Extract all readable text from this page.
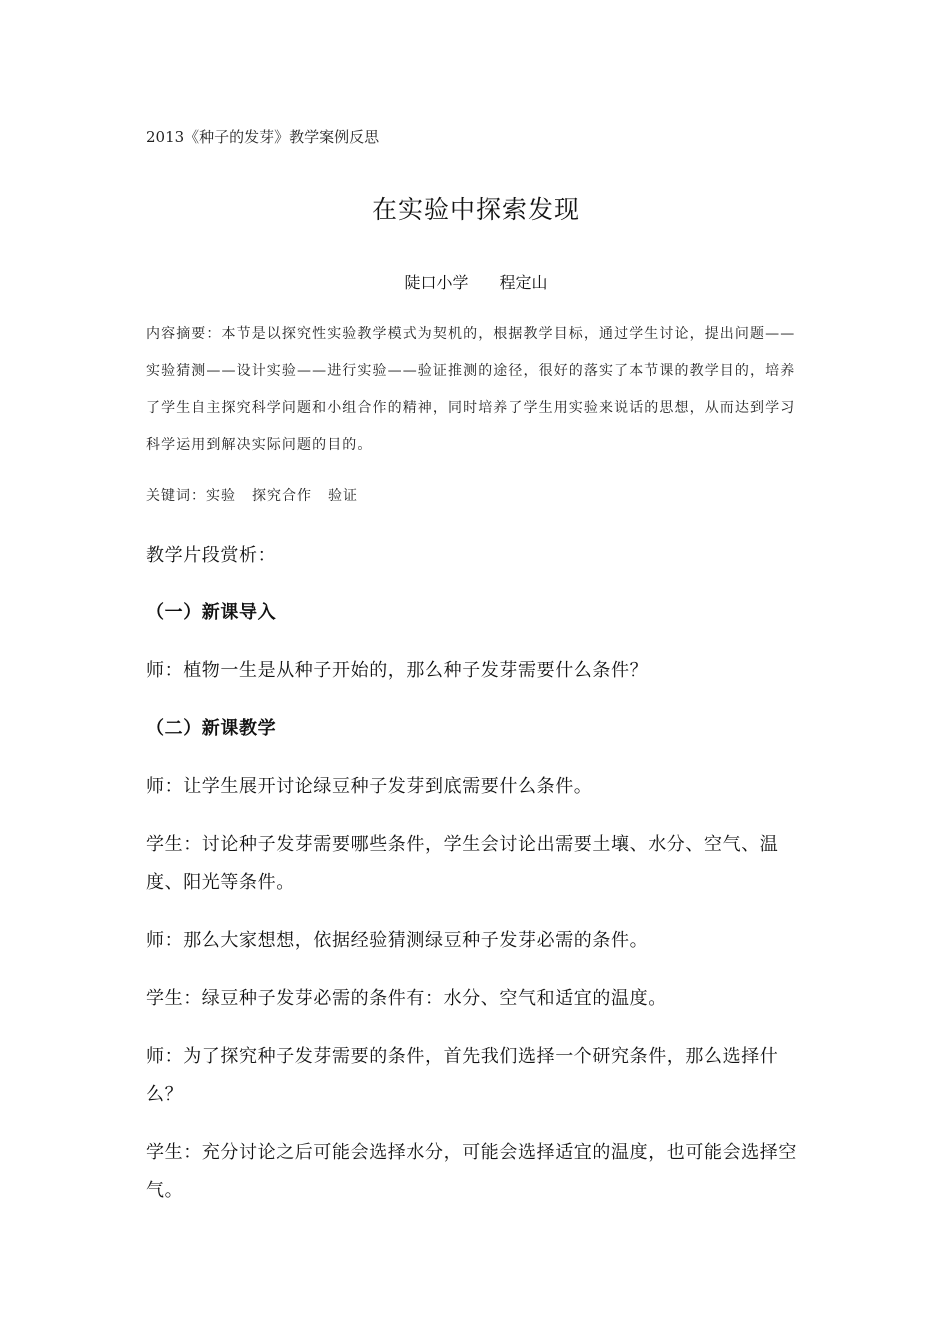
2013《种子的发芽》教学案例反思
在实验中探索发现
陡口小学 程定山
内容摘要：本节是以探究性实验教学模式为契机的，根据教学目标，通过学生讨论，提出问题——实验猜测——设计实验——进行实验——验证推测的途径，很好的落实了本节课的教学目的，培养了学生自主探究科学问题和小组合作的精神，同时培养了学生用实验来说话的思想，从而达到学习科学运用到解决实际问题的目的。
关键词：实验 探究合作 验证
教学片段赏析：
（一）新课导入
师：植物一生是从种子开始的，那么种子发芽需要什么条件？
（二）新课教学
师：让学生展开讨论绿豆种子发芽到底需要什么条件。
学生：讨论种子发芽需要哪些条件，学生会讨论出需要土壤、水分、空气、温度、阳光等条件。
师：那么大家想想，依据经验猜测绿豆种子发芽必需的条件。
学生：绿豆种子发芽必需的条件有：水分、空气和适宜的温度。
师：为了探究种子发芽需要的条件，首先我们选择一个研究条件，那么选择什么？
学生：充分讨论之后可能会选择水分，可能会选择适宜的温度，也可能会选择空气。
